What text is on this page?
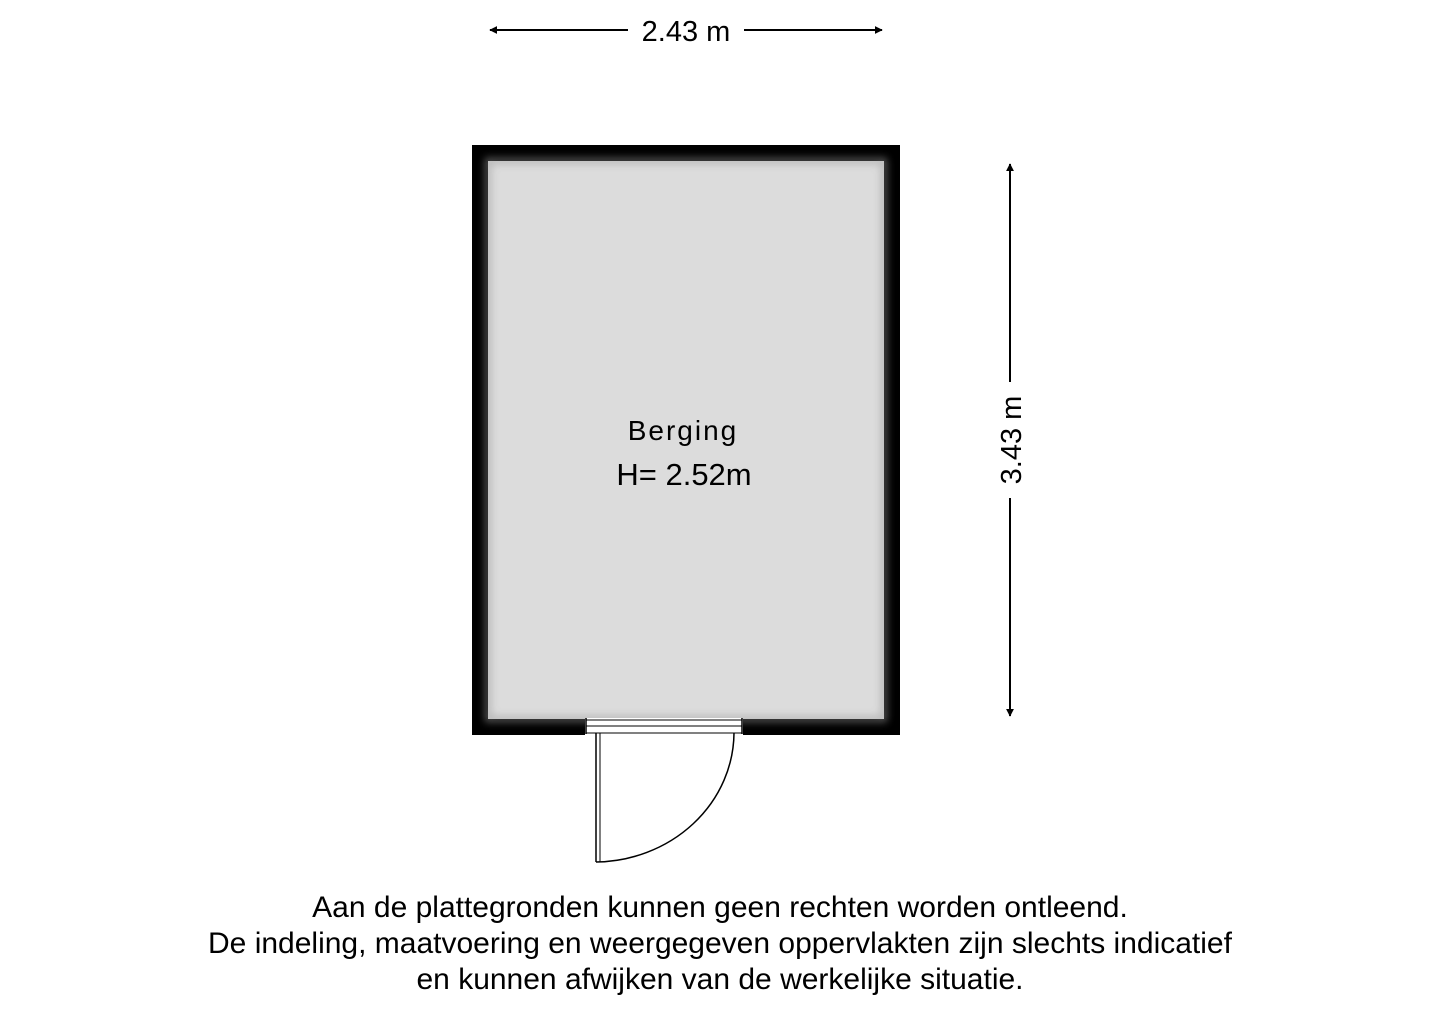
2.43 m
3.43 m
Berging
H= 2.52m
Aan de plattegronden kunnen geen rechten worden ontleend.
De indeling, maatvoering en weergegeven oppervlakten zijn slechts indicatief
en kunnen afwijken van de werkelijke situatie.
